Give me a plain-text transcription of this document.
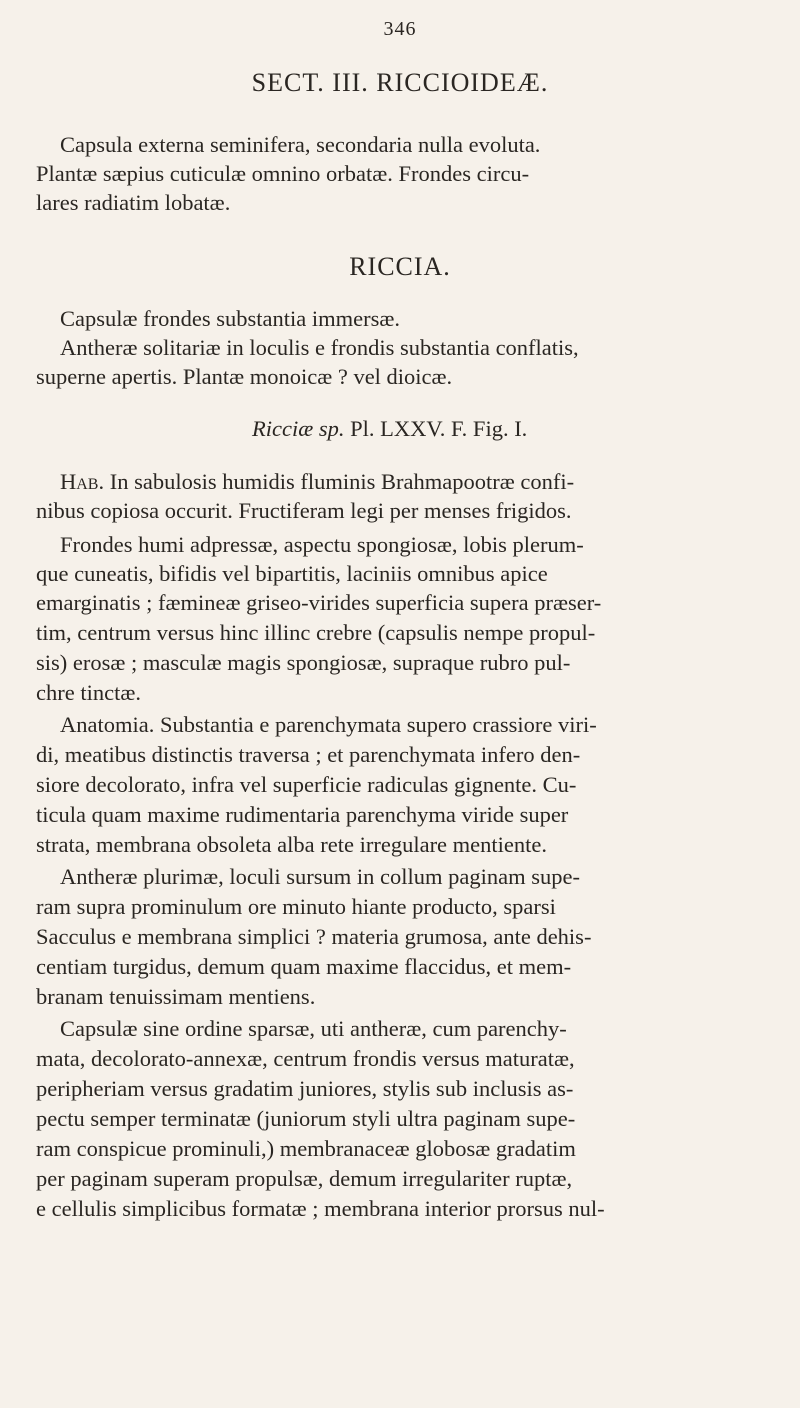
346
SECT. III. RICCIOIDEÆ.
Capsula externa seminifera, secondaria nulla evoluta.
Plantæ sæpius cuticulæ omnino orbatæ. Frondes circu-
lares radiatim lobatæ.
RICCIA.
Capsulæ frondes substantia immersæ.
Antheræ solitariæ in loculis e frondis substantia conflatis,
superne apertis. Plantæ monoicæ ? vel dioicæ.
Ricciæ sp. Pl. LXXV. F. Fig. I.
Hab. In sabulosis humidis fluminis Brahmapootræ confi-
nibus copiosa occurit. Fructiferam legi per menses frigidos.
Frondes humi adpressæ, aspectu spongiosæ, lobis plerum-
que cuneatis, bifidis vel bipartitis, laciniis omnibus apice
emarginatis ; fæmineæ griseo-virides superficia supera præser-
tim, centrum versus hinc illinc crebre (capsulis nempe propul-
sis) erosæ ; masculæ magis spongiosæ, supraque rubro pul-
chre tinctæ.
Anatomia. Substantia e parenchymata supero crassiore viri-
di, meatibus distinctis traversa ; et parenchymata infero den-
siore decolorato, infra vel superficie radiculas gignente. Cu-
ticula quam maxime rudimentaria parenchyma viride super
strata, membrana obsoleta alba rete irregulare mentiente.
Antheræ plurimæ, loculi sursum in collum paginam supe-
ram supra prominulum ore minuto hiante producto, sparsi
Sacculus e membrana simplici ? materia grumosa, ante dehis-
centiam turgidus, demum quam maxime flaccidus, et mem-
branam tenuissimam mentiens.
Capsulæ sine ordine sparsæ, uti antheræ, cum parenchy-
mata, decolorato-annexæ, centrum frondis versus maturatæ,
peripheriam versus gradatim juniores, stylis sub inclusis as-
pectu semper terminatæ (juniorum styli ultra paginam supe-
ram conspicue prominuli,) membranaceæ globosæ gradatim
per paginam superam propulsæ, demum irregulariter ruptæ,
e cellulis simplicibus formatæ ; membrana interior prorsus nul-
